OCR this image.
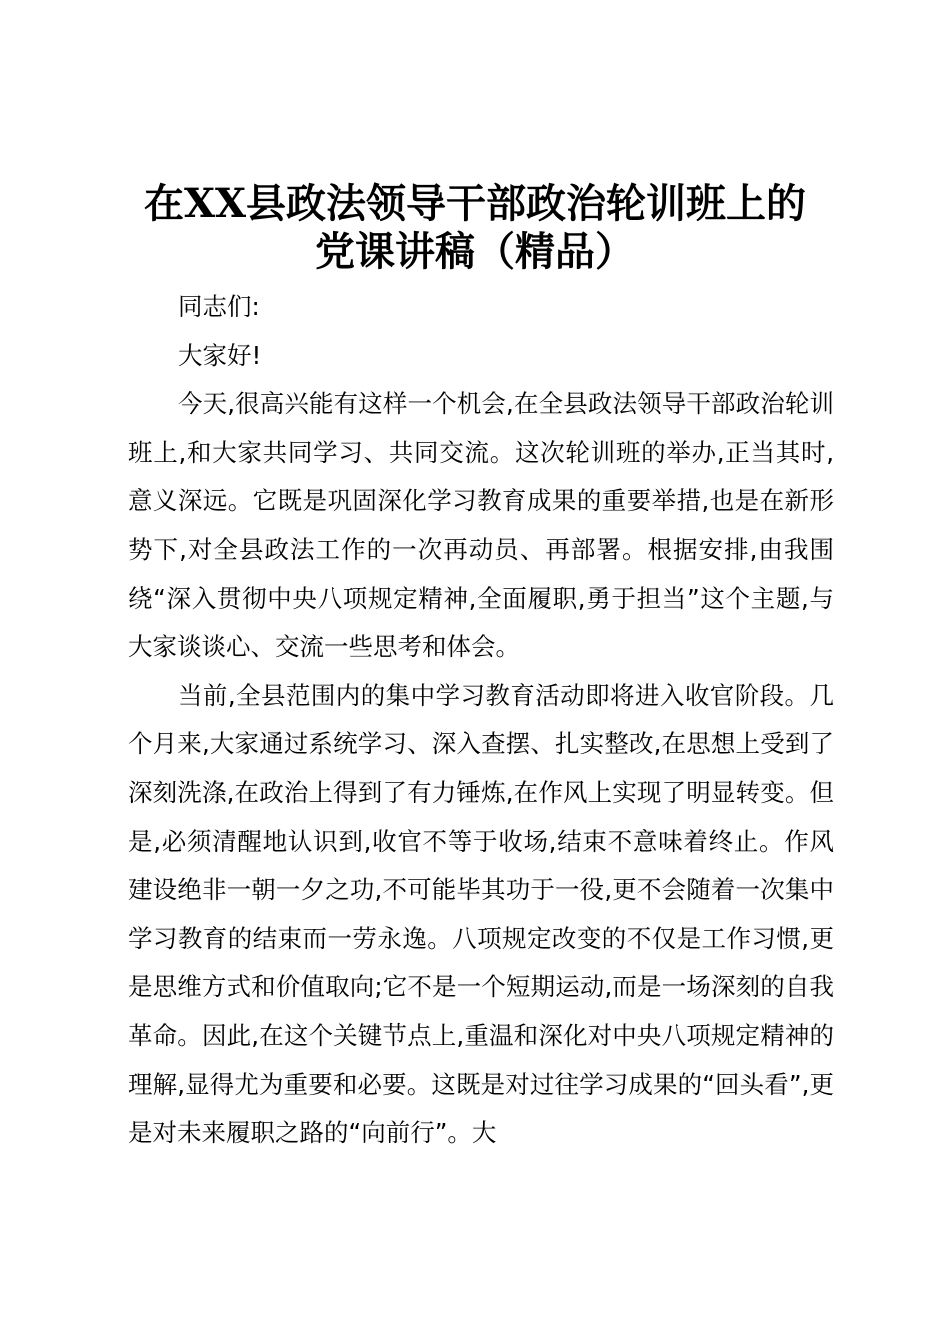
在XX县政法领导干部政治轮训班上的
党课讲稿（精品）

同志们:

大家好!

今天,很高兴能有这样一个机会,在全县政法领导干部政治轮训班上,和大家共同学习、共同交流。这次轮训班的举办,正当其时,意义深远。它既是巩固深化学习教育成果的重要举措,也是在新形势下,对全县政法工作的一次再动员、再部署。根据安排,由我围绕“深入贯彻中央八项规定精神,全面履职,勇于担当”这个主题,与大家谈谈心、交流一些思考和体会。

当前,全县范围内的集中学习教育活动即将进入收官阶段。几个月来,大家通过系统学习、深入查摆、扎实整改,在思想上受到了深刻洗涤,在政治上得到了有力锤炼,在作风上实现了明显转变。但是,必须清醒地认识到,收官不等于收场,结束不意味着终止。作风建设绝非一朝一夕之功,不可能毕其功于一役,更不会随着一次集中学习教育的结束而一劳永逸。八项规定改变的不仅是工作习惯,更是思维方式和价值取向;它不是一个短期运动,而是一场深刻的自我革命。因此,在这个关键节点上,重温和深化对中央八项规定精神的理解,显得尤为重要和必要。这既是对过往学习成果的“回头看”,更是对未来履职之路的“向前行”。大
